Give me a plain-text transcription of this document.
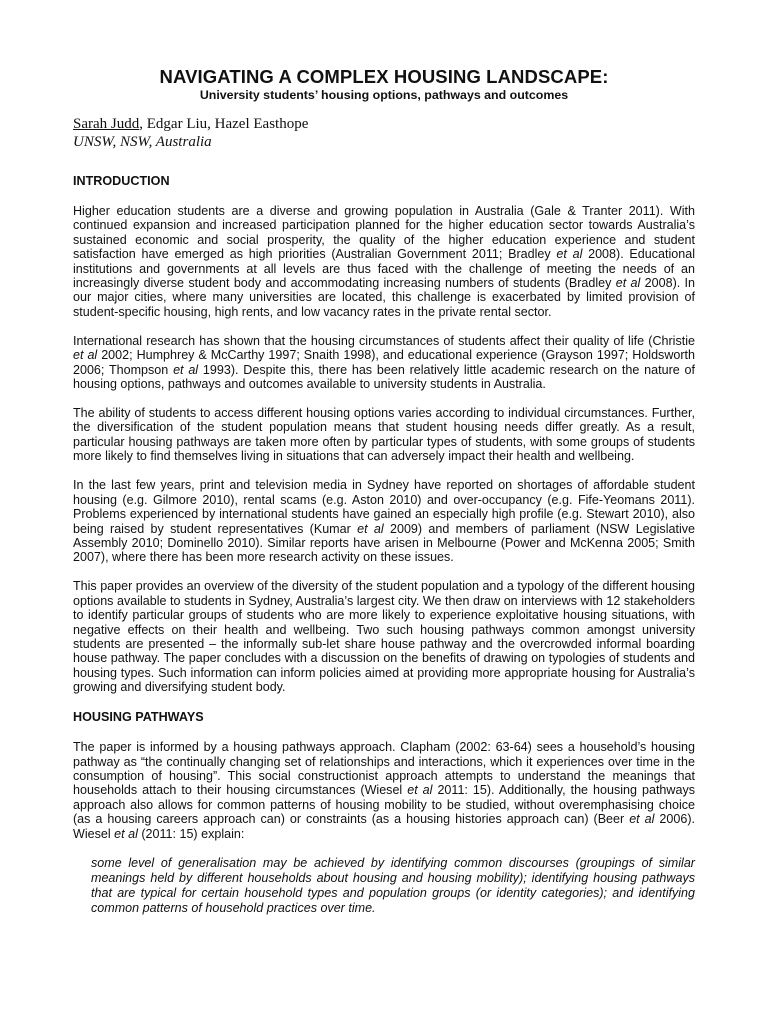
NAVIGATING A COMPLEX HOUSING LANDSCAPE:
University students’ housing options, pathways and outcomes

Sarah Judd, Edgar Liu, Hazel Easthope

UNSW, NSW, Australia

INTRODUCTION

Higher education students are a diverse and growing population in Australia (Gale & Tranter 2011). With continued expansion and increased participation planned for the higher education sector towards Australia’s sustained economic and social prosperity, the quality of the higher education experience and student satisfaction have emerged as high priorities (Australian Government 2011; Bradley et al 2008). Educational institutions and governments at all levels are thus faced with the challenge of meeting the needs of an increasingly diverse student body and accommodating increasing numbers of students (Bradley et al 2008). In our major cities, where many universities are located, this challenge is exacerbated by limited provision of student-specific housing, high rents, and low vacancy rates in the private rental sector.

International research has shown that the housing circumstances of students affect their quality of life (Christie et al 2002; Humphrey & McCarthy 1997; Snaith 1998), and educational experience (Grayson 1997; Holdsworth 2006; Thompson et al 1993). Despite this, there has been relatively little academic research on the nature of housing options, pathways and outcomes available to university students in Australia.

The ability of students to access different housing options varies according to individual circumstances. Further, the diversification of the student population means that student housing needs differ greatly. As a result, particular housing pathways are taken more often by particular types of students, with some groups of students more likely to find themselves living in situations that can adversely impact their health and wellbeing.

In the last few years, print and television media in Sydney have reported on shortages of affordable student housing (e.g. Gilmore 2010), rental scams (e.g. Aston 2010) and over-occupancy (e.g. Fife-Yeomans 2011). Problems experienced by international students have gained an especially high profile (e.g. Stewart 2010), also being raised by student representatives (Kumar et al 2009) and members of parliament (NSW Legislative Assembly 2010; Dominello 2010). Similar reports have arisen in Melbourne (Power and McKenna 2005; Smith 2007), where there has been more research activity on these issues.

This paper provides an overview of the diversity of the student population and a typology of the different housing options available to students in Sydney, Australia’s largest city. We then draw on interviews with 12 stakeholders to identify particular groups of students who are more likely to experience exploitative housing situations, with negative effects on their health and wellbeing. Two such housing pathways common amongst university students are presented – the informally sub-let share house pathway and the overcrowded informal boarding house pathway. The paper concludes with a discussion on the benefits of drawing on typologies of students and housing types. Such information can inform policies aimed at providing more appropriate housing for Australia’s growing and diversifying student body.

HOUSING PATHWAYS

The paper is informed by a housing pathways approach. Clapham (2002: 63-64) sees a household’s housing pathway as “the continually changing set of relationships and interactions, which it experiences over time in the consumption of housing”. This social constructionist approach attempts to understand the meanings that households attach to their housing circumstances (Wiesel et al 2011: 15). Additionally, the housing pathways approach also allows for common patterns of housing mobility to be studied, without overemphasising choice (as a housing careers approach can) or constraints (as a housing histories approach can) (Beer et al 2006). Wiesel et al (2011: 15) explain:

some level of generalisation may be achieved by identifying common discourses (groupings of similar meanings held by different households about housing and housing mobility); identifying housing pathways that are typical for certain household types and population groups (or identity categories); and identifying common patterns of household practices over time.
